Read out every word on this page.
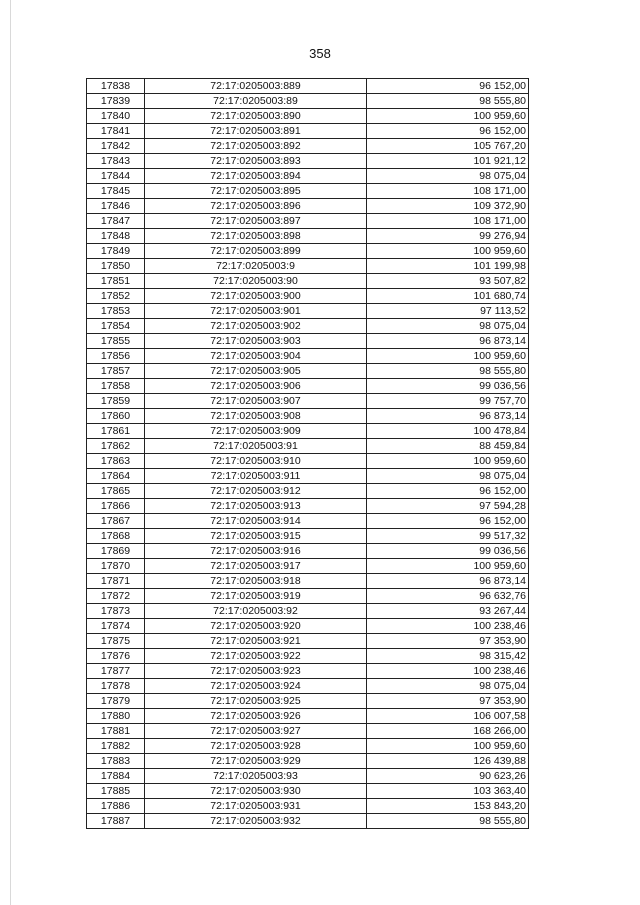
358
17838	72:17:0205003:889	96 152,00
17839	72:17:0205003:89	98 555,80
17840	72:17:0205003:890	100 959,60
17841	72:17:0205003:891	96 152,00
17842	72:17:0205003:892	105 767,20
17843	72:17:0205003:893	101 921,12
17844	72:17:0205003:894	98 075,04
17845	72:17:0205003:895	108 171,00
17846	72:17:0205003:896	109 372,90
17847	72:17:0205003:897	108 171,00
17848	72:17:0205003:898	99 276,94
17849	72:17:0205003:899	100 959,60
17850	72:17:0205003:9	101 199,98
17851	72:17:0205003:90	93 507,82
17852	72:17:0205003:900	101 680,74
17853	72:17:0205003:901	97 113,52
17854	72:17:0205003:902	98 075,04
17855	72:17:0205003:903	96 873,14
17856	72:17:0205003:904	100 959,60
17857	72:17:0205003:905	98 555,80
17858	72:17:0205003:906	99 036,56
17859	72:17:0205003:907	99 757,70
17860	72:17:0205003:908	96 873,14
17861	72:17:0205003:909	100 478,84
17862	72:17:0205003:91	88 459,84
17863	72:17:0205003:910	100 959,60
17864	72:17:0205003:911	98 075,04
17865	72:17:0205003:912	96 152,00
17866	72:17:0205003:913	97 594,28
17867	72:17:0205003:914	96 152,00
17868	72:17:0205003:915	99 517,32
17869	72:17:0205003:916	99 036,56
17870	72:17:0205003:917	100 959,60
17871	72:17:0205003:918	96 873,14
17872	72:17:0205003:919	96 632,76
17873	72:17:0205003:92	93 267,44
17874	72:17:0205003:920	100 238,46
17875	72:17:0205003:921	97 353,90
17876	72:17:0205003:922	98 315,42
17877	72:17:0205003:923	100 238,46
17878	72:17:0205003:924	98 075,04
17879	72:17:0205003:925	97 353,90
17880	72:17:0205003:926	106 007,58
17881	72:17:0205003:927	168 266,00
17882	72:17:0205003:928	100 959,60
17883	72:17:0205003:929	126 439,88
17884	72:17:0205003:93	90 623,26
17885	72:17:0205003:930	103 363,40
17886	72:17:0205003:931	153 843,20
17887	72:17:0205003:932	98 555,80
